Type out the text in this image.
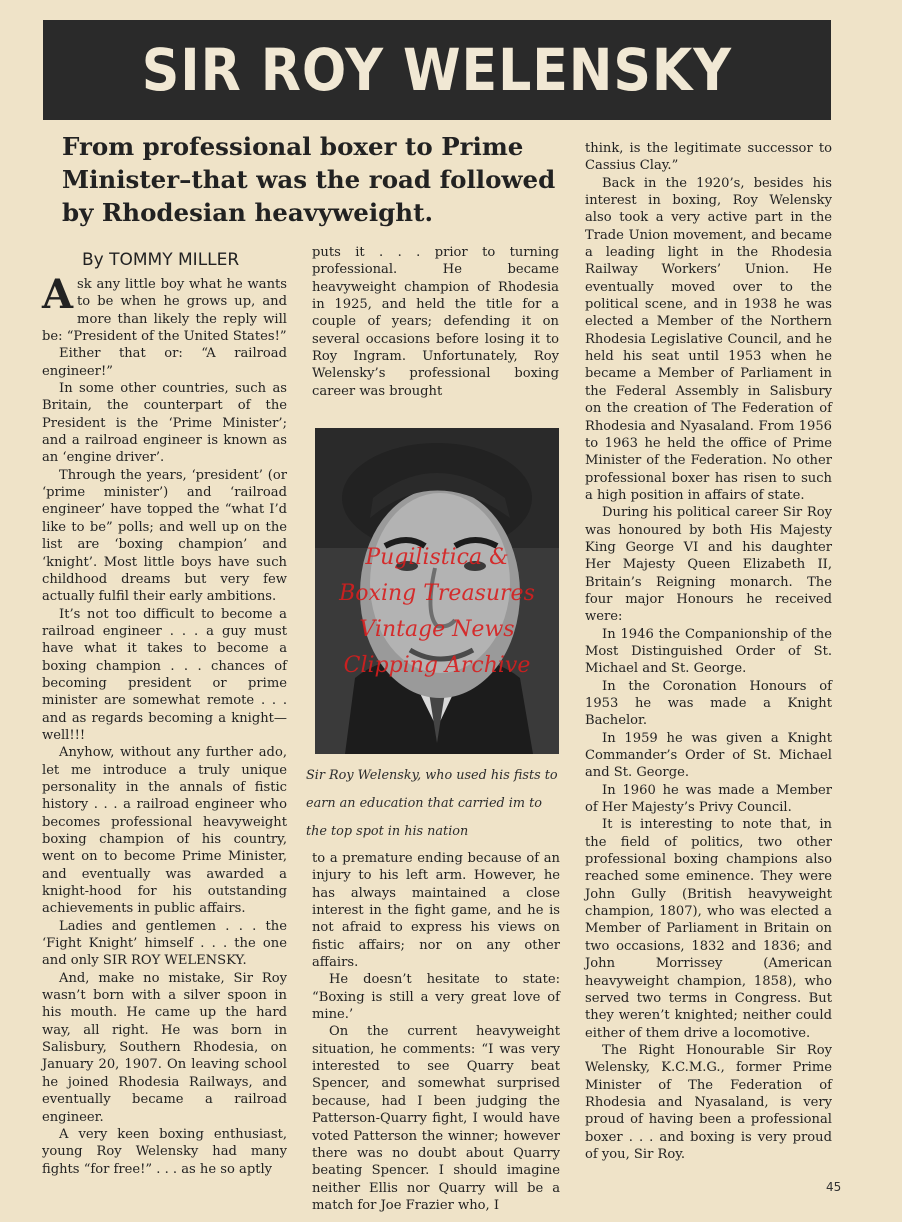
SIR ROY WELENSKY
From professional boxer to Prime Minister–that was the road followed by Rhodesian heavyweight.
By TOMMY MILLER

Ask any little boy what he wants to be when he grows up, and more than likely the reply will be: “President of the United States!”

Either that or: “A railroad engineer!”

In some other countries, such as Britain, the counterpart of the President is the ‘Prime Minister’; and a railroad engineer is known as an ‘engine driver’.

Through the years, ‘president’ (or ‘prime minister’) and ‘railroad engineer’ have topped the “what I’d like to be” polls; and well up on the list are ‘boxing champion’ and ‘knight’. Most little boys have such childhood dreams but very few actually fulfil their early ambitions.

It’s not too difficult to become a railroad engineer . . . a guy must have what it takes to become a boxing champion . . . chances of becoming president or prime minister are somewhat remote . . . and as regards becoming a knight—well!!!

Anyhow, without any further ado, let me introduce a truly unique personality in the annals of fistic history . . . a railroad engineer who becomes professional heavyweight boxing champion of his country, went on to become Prime Minister, and eventually was awarded a knight-hood for his outstanding achievements in public affairs.

Ladies and gentlemen . . . the ‘Fight Knight’ himself . . . the one and only SIR ROY WELENSKY.

And, make no mistake, Sir Roy wasn’t born with a silver spoon in his mouth. He came up the hard way, all right. He was born in Salisbury, Southern Rhodesia, on January 20, 1907. On leaving school he joined Rhodesia Railways, and eventually became a railroad engineer.

A very keen boxing enthusiast, young Roy Welensky had many fights “for free!” . . . as he so aptly

puts it . . . prior to turning professional. He became heavyweight champion of Rhodesia in 1925, and held the title for a couple of years; defending it on several occasions before losing it to Roy Ingram. Unfortunately, Roy Welensky’s professional boxing career was brought

Pugilistica &
Boxing Treasures
Vintage News
Clipping Archive
Sir Roy Welensky, who used his fists to earn an education that carried im to the top spot in his nation

to a premature ending because of an injury to his left arm. However, he has always maintained a close interest in the fight game, and he is not afraid to express his views on fistic affairs; nor on any other affairs.

He doesn’t hesitate to state: “Boxing is still a very great love of mine.’

On the current heavyweight situation, he comments: “I was very interested to see Quarry beat Spencer, and somewhat surprised because, had I been judging the Patterson-Quarry fight, I would have voted Patterson the winner; however there was no doubt about Quarry beating Spencer. I should imagine neither Ellis nor Quarry will be a match for Joe Frazier who, I

think, is the legitimate successor to Cassius Clay.”

Back in the 1920’s, besides his interest in boxing, Roy Welensky also took a very active part in the Trade Union movement, and became a leading light in the Rhodesia Railway Workers’ Union. He eventually moved over to the political scene, and in 1938 he was elected a Member of the Northern Rhodesia Legislative Council, and he held his seat until 1953 when he became a Member of Parliament in the Federal Assembly in Salisbury on the creation of The Federation of Rhodesia and Nyasaland. From 1956 to 1963 he held the office of Prime Minister of the Federation. No other professional boxer has risen to such a high position in affairs of state.

During his political career Sir Roy was honoured by both His Majesty King George VI and his daughter Her Majesty Queen Elizabeth II, Britain’s Reigning monarch. The four major Honours he received were:

In 1946 the Companionship of the Most Distinguished Order of St. Michael and St. George.

In the Coronation Honours of 1953 he was made a Knight Bachelor.

In 1959 he was given a Knight Commander’s Order of St. Michael and St. George.

In 1960 he was made a Member of Her Majesty’s Privy Council.

It is interesting to note that, in the field of politics, two other professional boxing champions also reached some eminence. They were John Gully (British heavyweight champion, 1807), who was elected a Member of Parliament in Britain on two occasions, 1832 and 1836; and John Morrissey (American heavyweight champion, 1858), who served two terms in Congress. But they weren’t knighted; neither could either of them drive a locomotive.

The Right Honourable Sir Roy Welensky, K.C.M.G., former Prime Minister of The Federation of Rhodesia and Nyasaland, is very proud of having been a professional boxer . . . and boxing is very proud of you, Sir Roy.

45
